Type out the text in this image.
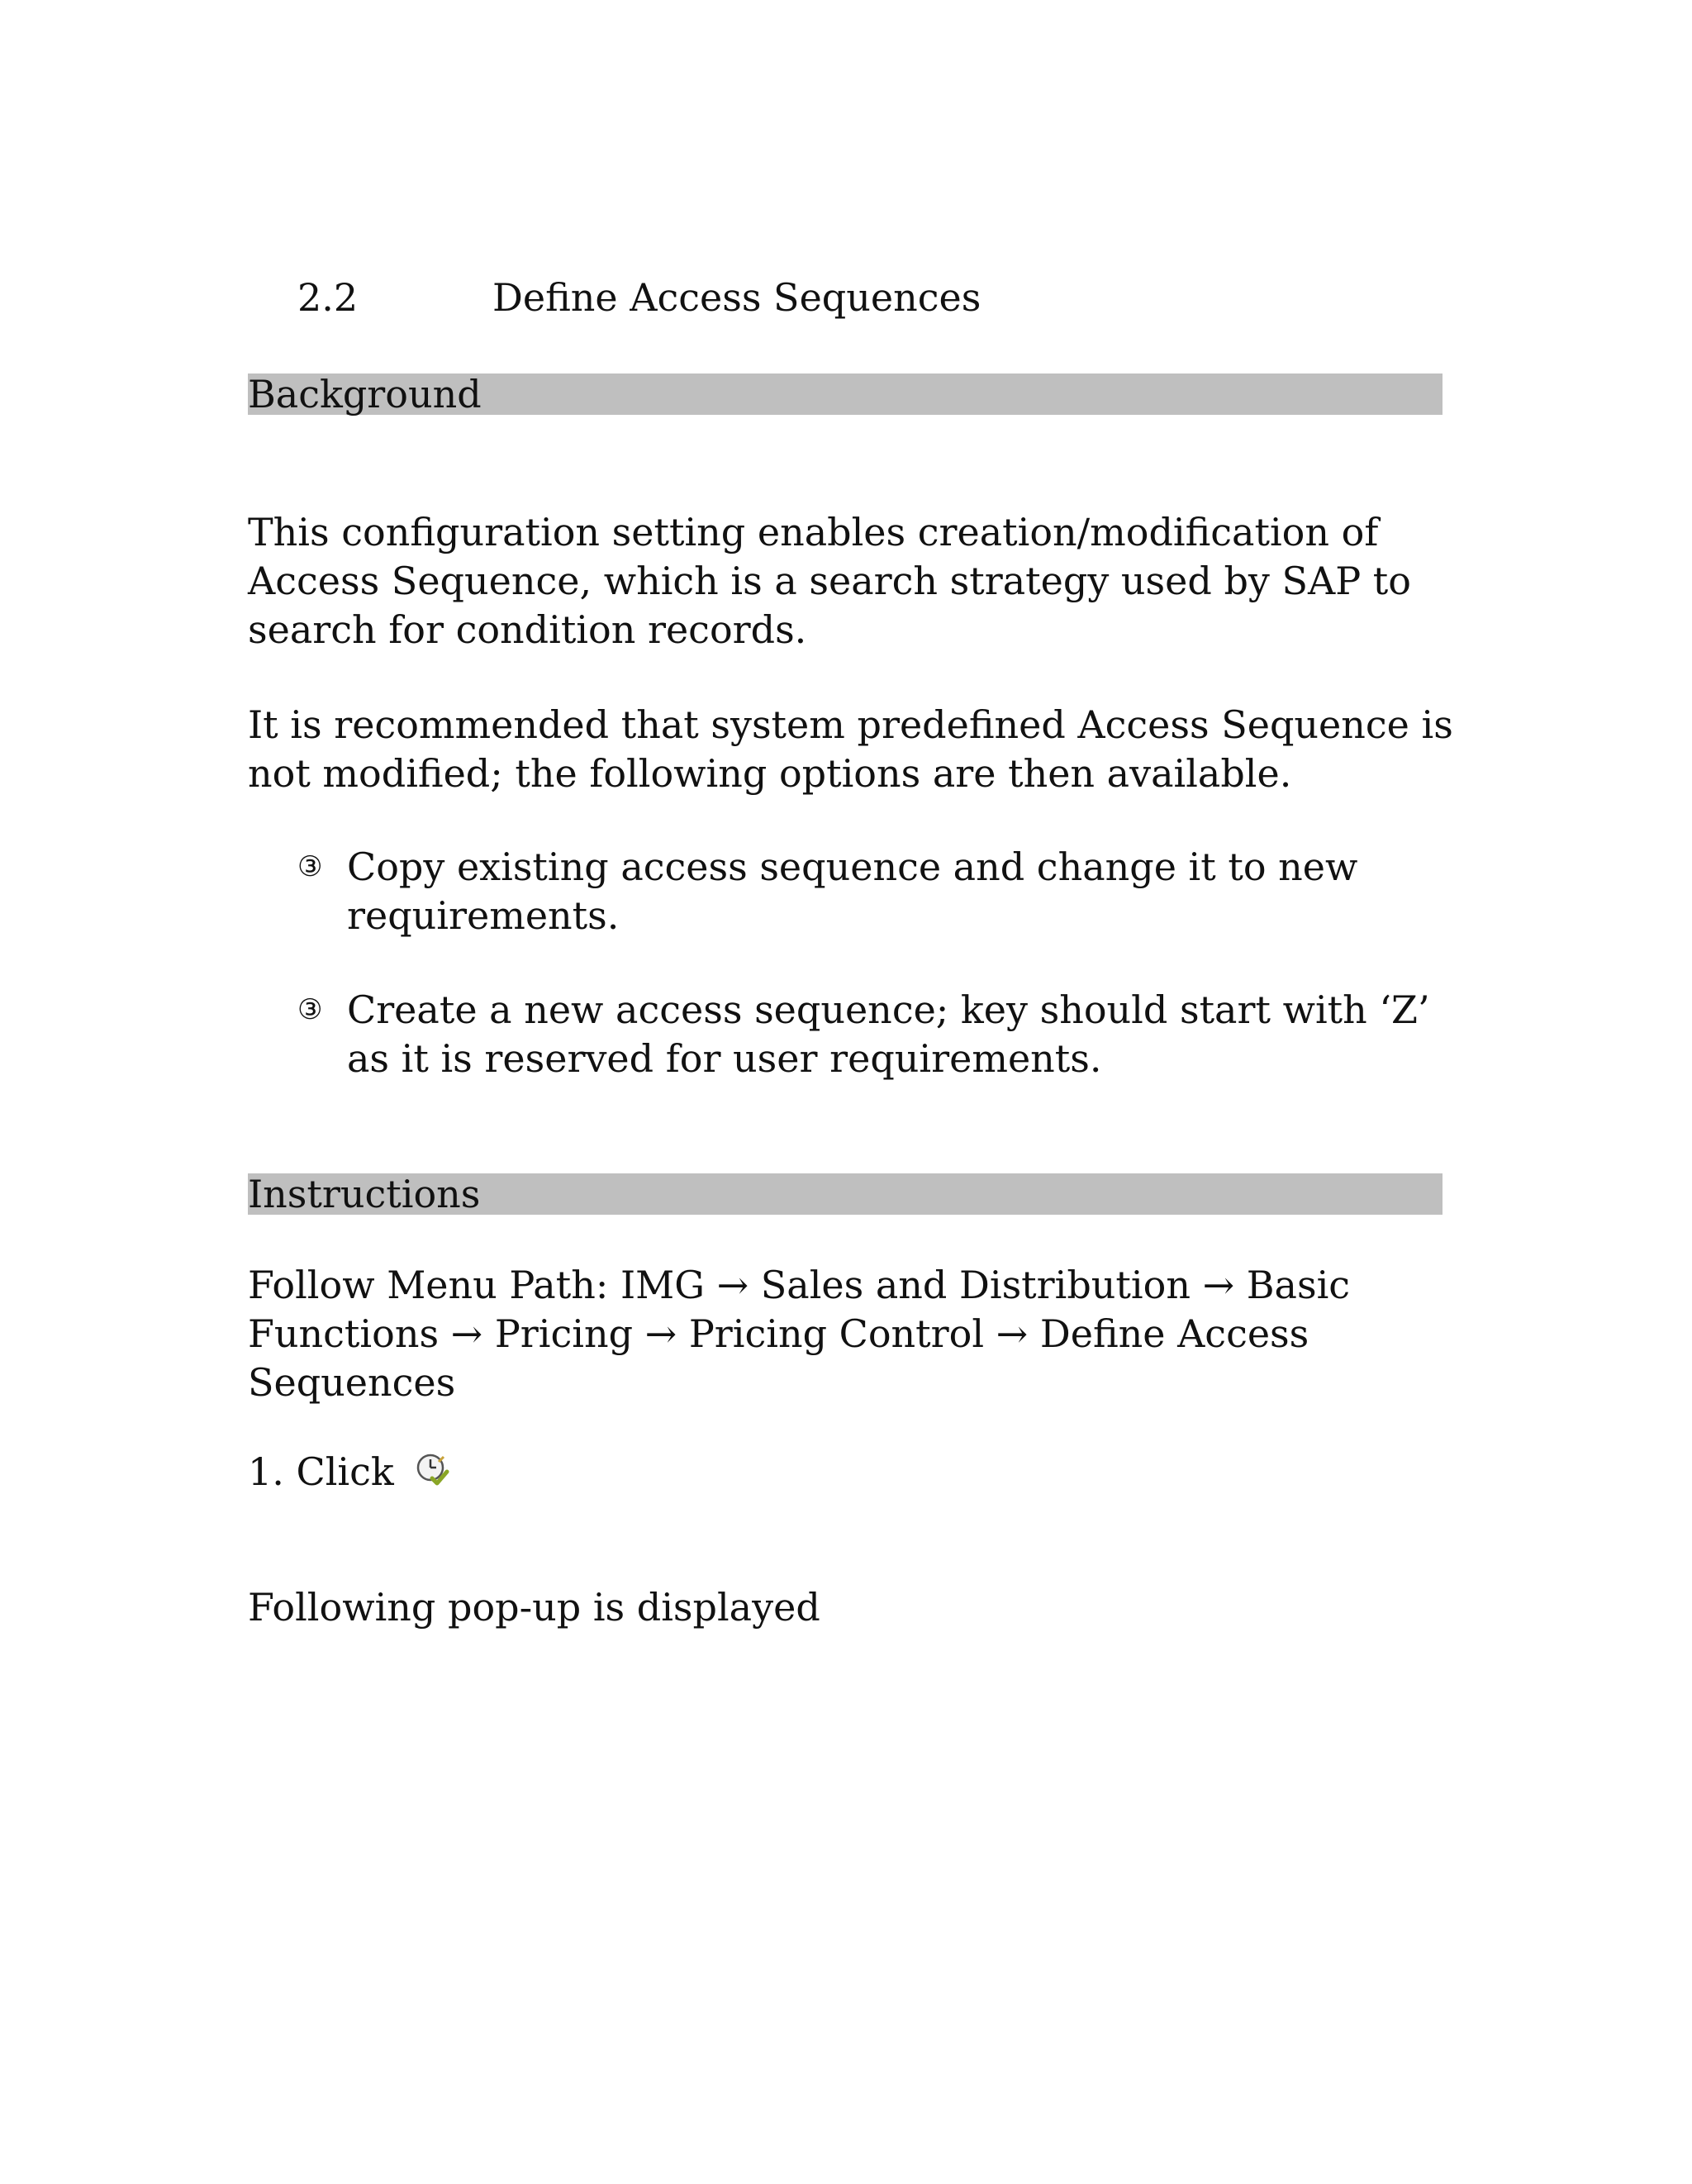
2.2	Define Access Sequences
Background
This configuration setting enables creation/modification of Access Sequence, which is a search strategy used by SAP to search for condition records.
It is recommended that system predefined Access Sequence is not modified; the following options are then available.
③ Copy existing access sequence and change it to new requirements.
③ Create a new access sequence; key should start with ‘Z’ as it is reserved for user requirements.
Instructions
Follow Menu Path: IMG → Sales and Distribution → Basic Functions → Pricing → Pricing Control → Define Access Sequences
1. Click
Following pop-up is displayed
